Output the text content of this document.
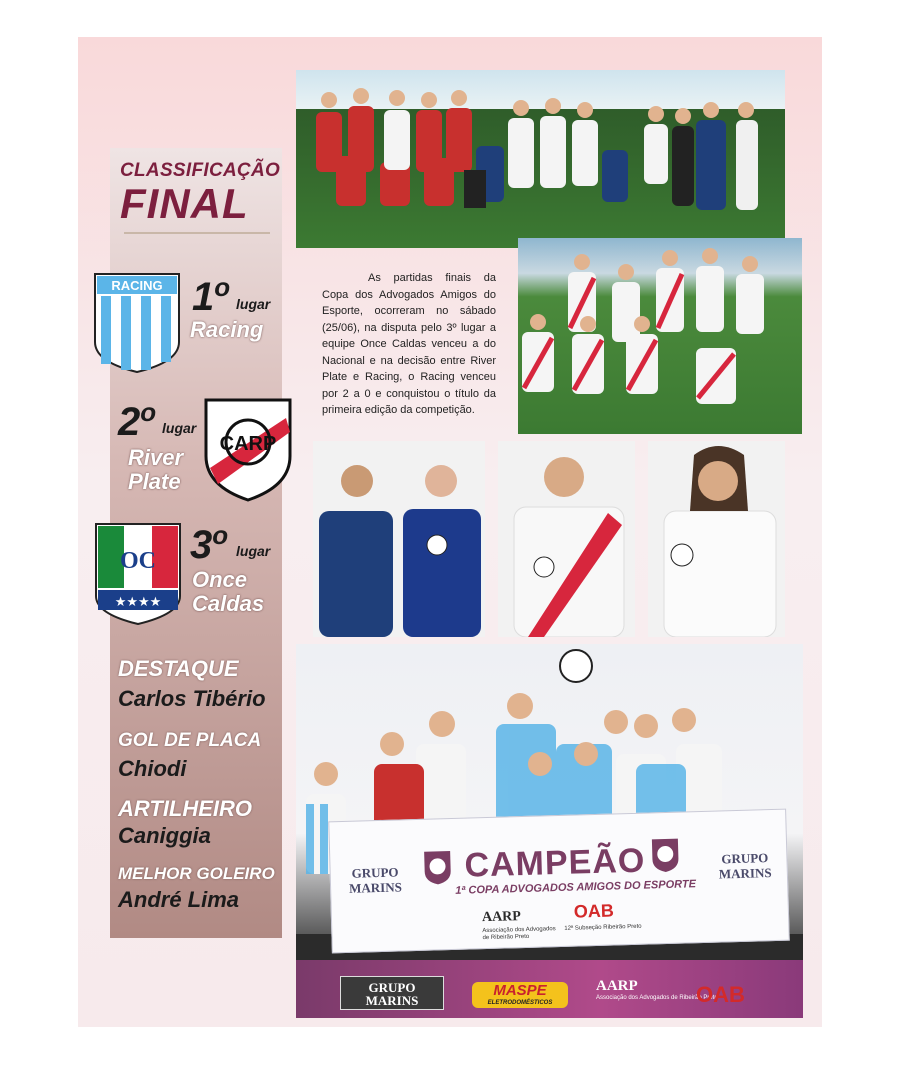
CLASSIFICAÇÃO
FINAL
RACING 1$^o$
lugar
Racing
2$^o$
lugar
River
Plate
CARP
OC
★★★★
3$^o$
lugar
Once
Caldas
DESTAQUE
Carlos Tibério
GOL DE PLACA
Chiodi
ARTILHEIRO
Caniggia
MELHOR GOLEIRO
André Lima
As partidas finais da Copa dos Advogados Amigos do Esporte, ocorreram no sábado (25/06), na disputa pelo 3º lugar a equipe Once Caldas venceu a do Nacional e na decisão entre River Plate e Racing, o Racing venceu por 2 a 0 e conquistou o título da primeira edição da competição.
GRUPO
MARINS
CAMPEÃO
1ª COPA ADVOGADOS AMIGOS DO ESPORTE
GRUPO
MARINS
AARP
Associação dos Advogados de Ribeirão Preto
OAB
12ª Subseção Ribeirão Preto
GRUPO
MARINS
MASPE
ELETRODOMÉSTICOS
AARP
Associação dos Advogados de Ribeirão Preto
OAB
